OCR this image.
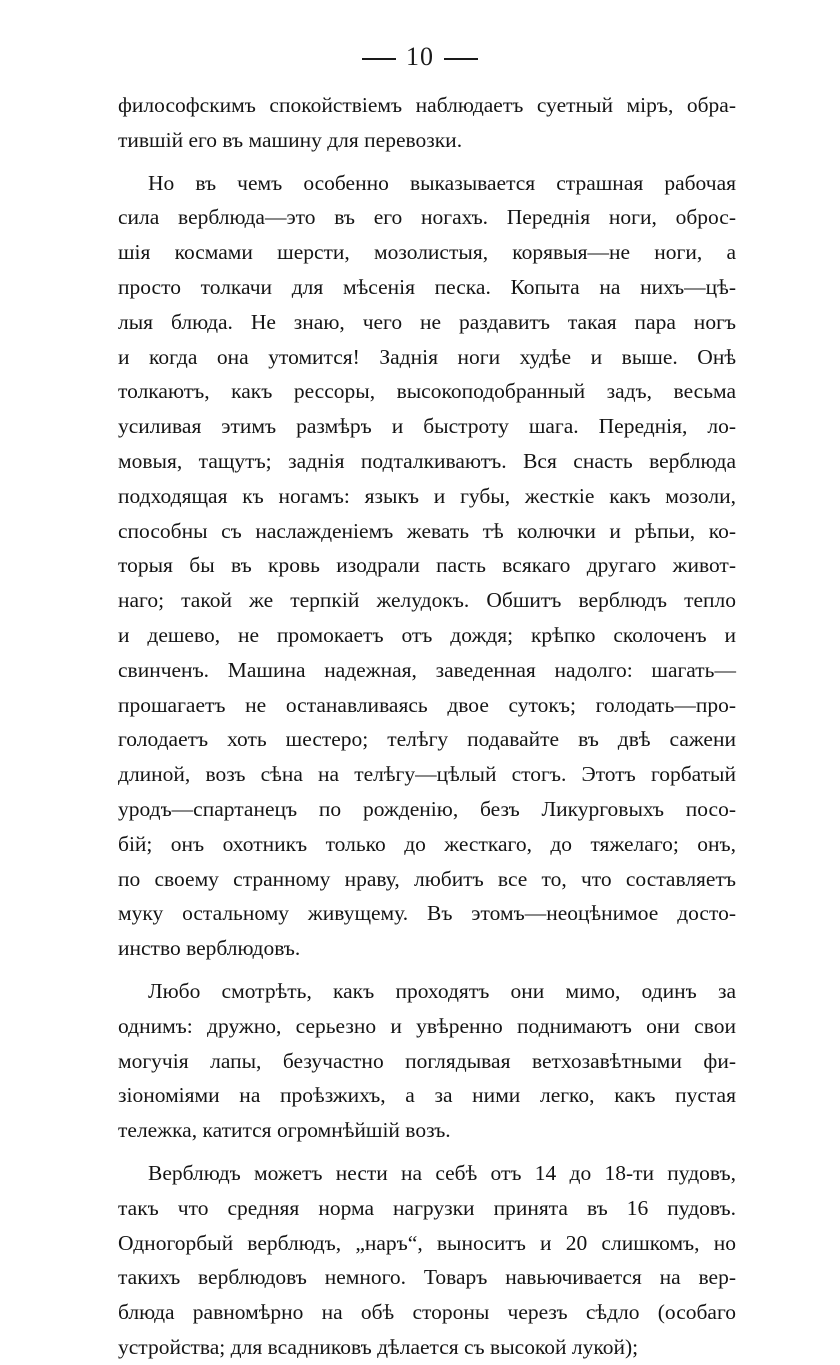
10
философскимъ спокойствіемъ наблюдаетъ суетный міръ, обра-
тившій его въ машину для перевозки.
Но въ чемъ особенно выказывается страшная рабочая
сила верблюда—это въ его ногахъ. Переднія ноги, оброс-
шія космами шерсти, мозолистыя, корявыя—не ноги, а
просто толкачи для мѣсенія песка. Копыта на нихъ—цѣ-
лыя блюда. Не знаю, чего не раздавитъ такая пара ногъ
и когда она утомится! Заднія ноги худѣе и выше. Онѣ
толкаютъ, какъ рессоры, высокоподобранный задъ, весьма
усиливая этимъ размѣръ и быстроту шага. Переднія, ло-
мовыя, тащутъ; заднія подталкиваютъ. Вся снасть верблюда
подходящая къ ногамъ: языкъ и губы, жесткіе какъ мозоли,
способны съ наслажденіемъ жевать тѣ колючки и рѣпьи, ко-
торыя бы въ кровь изодрали пасть всякаго другаго живот-
наго; такой же терпкій желудокъ. Обшитъ верблюдъ тепло
и дешево, не промокаетъ отъ дождя; крѣпко сколоченъ и
свинченъ. Машина надежная, заведенная надолго: шагать—
прошагаетъ не останавливаясь двое сутокъ; голодать—про-
голодаетъ хоть шестеро; телѣгу подавайте въ двѣ сажени
длиной, возъ сѣна на телѣгу—цѣлый стогъ. Этотъ горбатый
уродъ—спартанецъ по рожденію, безъ Ликурговыхъ посо-
бій; онъ охотникъ только до жесткаго, до тяжелаго; онъ,
по своему странному нраву, любитъ все то, что составляетъ
муку остальному живущему. Въ этомъ—неоцѣнимое досто-
инство верблюдовъ.
Любо смотрѣть, какъ проходятъ они мимо, одинъ за
однимъ: дружно, серьезно и увѣренно поднимаютъ они свои
могучія лапы, безучастно поглядывая ветхозавѣтными фи-
зіономіями на проѣзжихъ, а за ними легко, какъ пустая
тележка, катится огромнѣйшій возъ.
Верблюдъ можетъ нести на себѣ отъ 14 до 18-ти пудовъ,
такъ что средняя норма нагрузки принята въ 16 пудовъ.
Одногорбый верблюдъ, „наръ“, выноситъ и 20 слишкомъ, но
такихъ верблюдовъ немного. Товаръ навьючивается на вер-
блюда равномѣрно на обѣ стороны черезъ сѣдло (особаго
устройства; для всадниковъ дѣлается съ высокой лукой);
